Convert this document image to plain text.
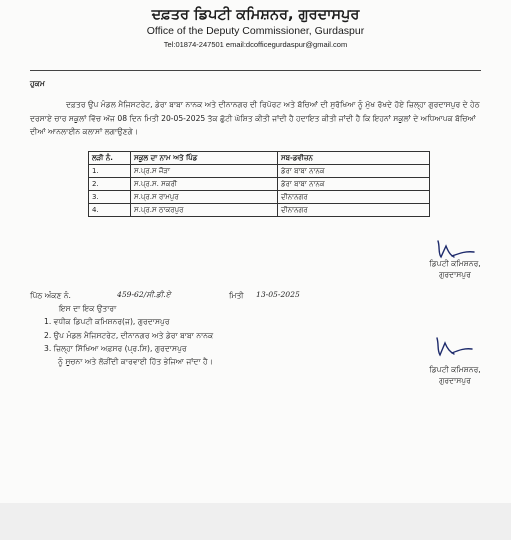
ਦਫ਼ਤਰ ਡਿਪਟੀ ਕਮਿਸ਼ਨਰ, ਗੁਰਦਾਸਪੁਰ
Office of the Deputy Commissioner, Gurdaspur
Tel:01874-247501 email:dcofficegurdaspur@gmail.com
ਹੁਕਮ
ਦਫ਼ਤਰ ਉਪ ਮੰਡਲ ਮੈਜਿਸਟਰੇਟ, ਡੇਰਾ ਬਾਬਾ ਨਾਨਕ ਅਤੇ ਦੀਨਾਨਗਰ ਦੀ ਰਿਪੋਰਟ ਅਤੇ ਬੱਚਿਆਂ ਦੀ ਸੁਰੱਖਿਆ ਨੂੰ ਮੁੱਖ ਰੱਖਦੇ ਹੋਏ ਜ਼ਿਲ੍ਹਾ ਗੁਰਦਾਸਪੁਰ ਦੇ ਹੇਠ ਦਰਸਾਏ ਚਾਰ ਸਕੂਲਾਂ ਵਿੱਚ ਅੱਜ 08 ਦਿਨ ਮਿਤੀ 20-05-2025 ਤੱਕ ਛੁੱਟੀ ਘੋਸ਼ਿਤ ਕੀਤੀ ਜਾਂਦੀ ਹੈ ਹਦਾਇਤ ਕੀਤੀ ਜਾਂਦੀ ਹੈ ਕਿ ਇਹਨਾਂ ਸਕੂਲਾਂ ਦੇ ਅਧਿਆਪਕ ਬੱਚਿਆਂ ਦੀਆਂ ਆਨਲਾਈਨ ਕਲਾਸਾਂ ਲਗਾਉਣਗੇ।
ਲੜੀ ਨੰ.	ਸਕੂਲ ਦਾ ਨਾਮ ਅਤੇ ਪਿੰਡ	ਸਬ-ਡਵੀਜ਼ਨ
1.	ਸ.ਪ੍ਰ.ਸ ਜੌੜਾ	ਡੇਰਾ ਬਾਬਾ ਨਾਨਕ
2.	ਸ.ਪ੍ਰ.ਸ. ਸਕਰੀ	ਡੇਰਾ ਬਾਬਾ ਨਾਨਕ
3.	ਸ.ਪ੍ਰ.ਸ ਰਾਮਪੁਰ	ਦੀਨਾਨਗਰ
4.	ਸ.ਪ੍ਰ.ਸ ਠਾਕਰਪੁਰ	ਦੀਨਾਨਗਰ
ਡਿਪਟੀ ਕਮਿਸ਼ਨਰ,
ਗੁਰਦਾਸਪੁਰ
ਪਿੱਠ ਅੰਕਣ ਨੰ.	459-62/ਸੀ.ਡੀ.ਏ	ਮਿਤੀ 13-05-2025
ਇਸ ਦਾ ਇਕ ਉਤਾਰਾ
1. ਵਧੀਕ ਡਿਪਟੀ ਕਮਿਸ਼ਨਰ(ਜ), ਗੁਰਦਾਸਪੁਰ
2. ਉਪ ਮੰਡਲ ਮੈਜਿਸਟਰੇਟ, ਦੀਨਾਨਗਰ ਅਤੇ ਡੇਰਾ ਬਾਬਾ ਨਾਨਕ
3. ਜ਼ਿਲ੍ਹਾ ਸਿੱਖਿਆ ਅਫ਼ਸਰ (ਪ੍ਰ.ਸਿ), ਗੁਰਦਾਸਪੁਰ
ਨੂੰ ਸੂਚਨਾ ਅਤੇ ਲੋੜੀਂਦੀ ਕਾਰਵਾਈ ਹਿੱਤ ਭੇਜਿਆ ਜਾਂਦਾ ਹੈ।
ਡਿਪਟੀ ਕਮਿਸ਼ਨਰ,
ਗੁਰਦਾਸਪੁਰ
